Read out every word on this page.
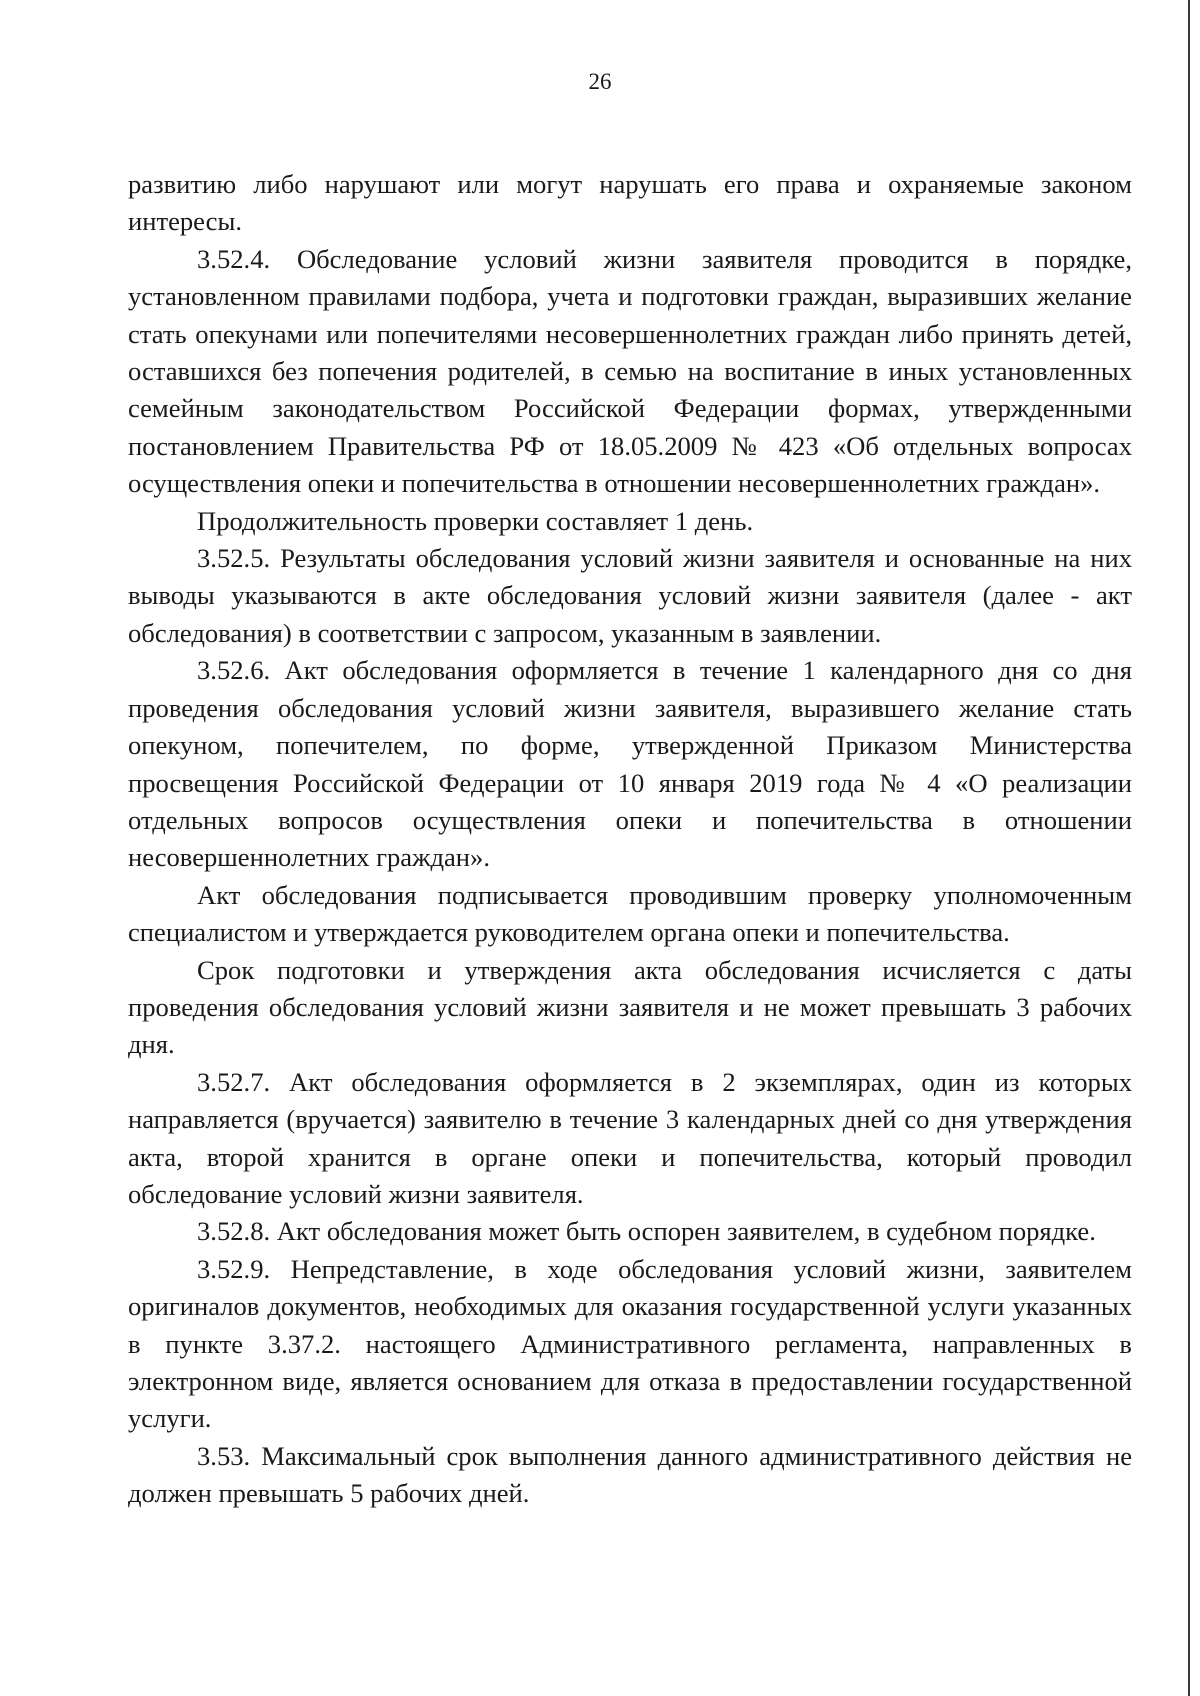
26

развитию либо нарушают или могут нарушать его права и охраняемые законом интересы.

3.52.4. Обследование условий жизни заявителя проводится в порядке, установленном правилами подбора, учета и подготовки граждан, выразивших желание стать опекунами или попечителями несовершеннолетних граждан либо принять детей, оставшихся без попечения родителей, в семью на воспитание в иных установленных семейным законодательством Российской Федерации формах, утвержденными постановлением Правительства РФ от 18.05.2009 № 423 «Об отдельных вопросах осуществления опеки и попечительства в отношении несовершеннолетних граждан».

Продолжительность проверки составляет 1 день.

3.52.5. Результаты обследования условий жизни заявителя и основанные на них выводы указываются в акте обследования условий жизни заявителя (далее - акт обследования) в соответствии с запросом, указанным в заявлении.

3.52.6. Акт обследования оформляется в течение 1 календарного дня со дня проведения обследования условий жизни заявителя, выразившего желание стать опекуном, попечителем, по форме, утвержденной Приказом Министерства просвещения Российской Федерации от 10 января 2019 года № 4 «О реализации отдельных вопросов осуществления опеки и попечительства в отношении несовершеннолетних граждан».

Акт обследования подписывается проводившим проверку уполномоченным специалистом и утверждается руководителем органа опеки и попечительства.

Срок подготовки и утверждения акта обследования исчисляется с даты проведения обследования условий жизни заявителя и не может превышать 3 рабочих дня.

3.52.7. Акт обследования оформляется в 2 экземплярах, один из которых направляется (вручается) заявителю в течение 3 календарных дней со дня утверждения акта, второй хранится в органе опеки и попечительства, который проводил обследование условий жизни заявителя.

3.52.8. Акт обследования может быть оспорен заявителем, в судебном порядке.

3.52.9. Непредставление, в ходе обследования условий жизни, заявителем оригиналов документов, необходимых для оказания государственной услуги указанных в пункте 3.37.2. настоящего Административного регламента, направленных в электронном виде, является основанием для отказа в предоставлении государственной услуги.

3.53. Максимальный срок выполнения данного административного действия не должен превышать 5 рабочих дней.
